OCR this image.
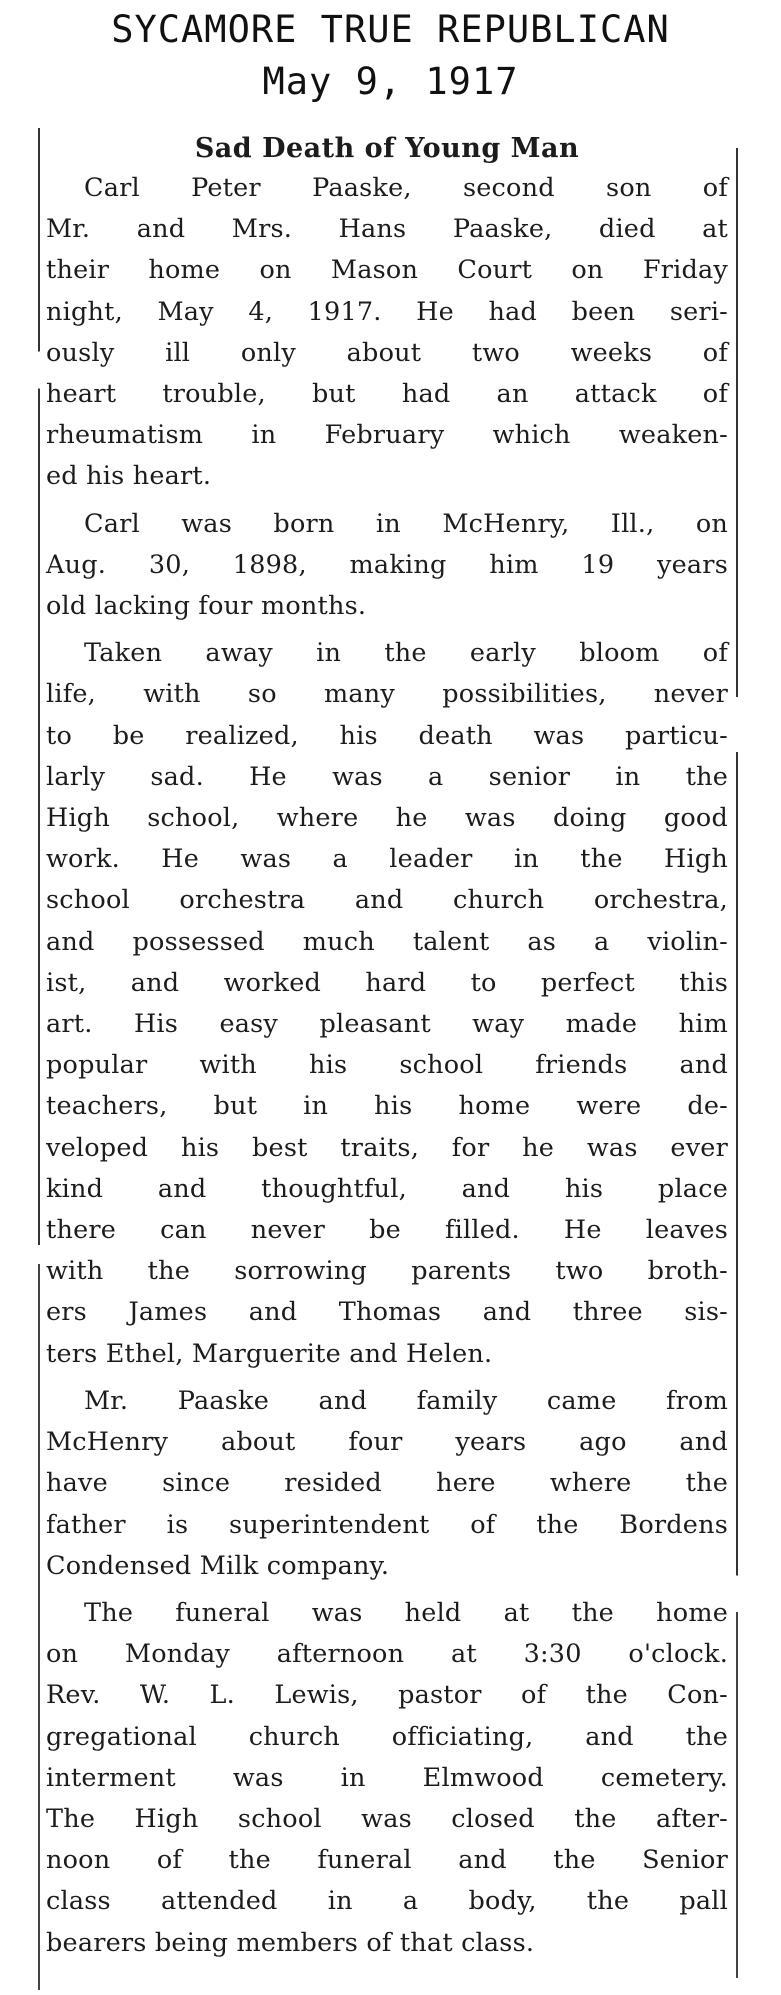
SYCAMORE TRUE REPUBLICAN
May 9, 1917
Sad Death of Young Man
Carl Peter Paaske, second son of
Mr. and Mrs. Hans Paaske, died at
their home on Mason Court on Friday
night, May 4, 1917. He had been seri-
ously ill only about two weeks of
heart trouble, but had an attack of
rheumatism in February which weaken-
ed his heart.
Carl was born in McHenry, Ill., on
Aug. 30, 1898, making him 19 years
old lacking four months.
Taken away in the early bloom of
life, with so many possibilities, never
to be realized, his death was particu-
larly sad. He was a senior in the
High school, where he was doing good
work. He was a leader in the High
school orchestra and church orchestra,
and possessed much talent as a violin-
ist, and worked hard to perfect this
art. His easy pleasant way made him
popular with his school friends and
teachers, but in his home were de-
veloped his best traits, for he was ever
kind and thoughtful, and his place
there can never be filled. He leaves
with the sorrowing parents two broth-
ers James and Thomas and three sis-
ters Ethel, Marguerite and Helen.
Mr. Paaske and family came from
McHenry about four years ago and
have since resided here where the
father is superintendent of the Bordens
Condensed Milk company.
The funeral was held at the home
on Monday afternoon at 3:30 o'clock.
Rev. W. L. Lewis, pastor of the Con-
gregational church officiating, and the
interment was in Elmwood cemetery.
The High school was closed the after-
noon of the funeral and the Senior
class attended in a body, the pall
bearers being members of that class.
